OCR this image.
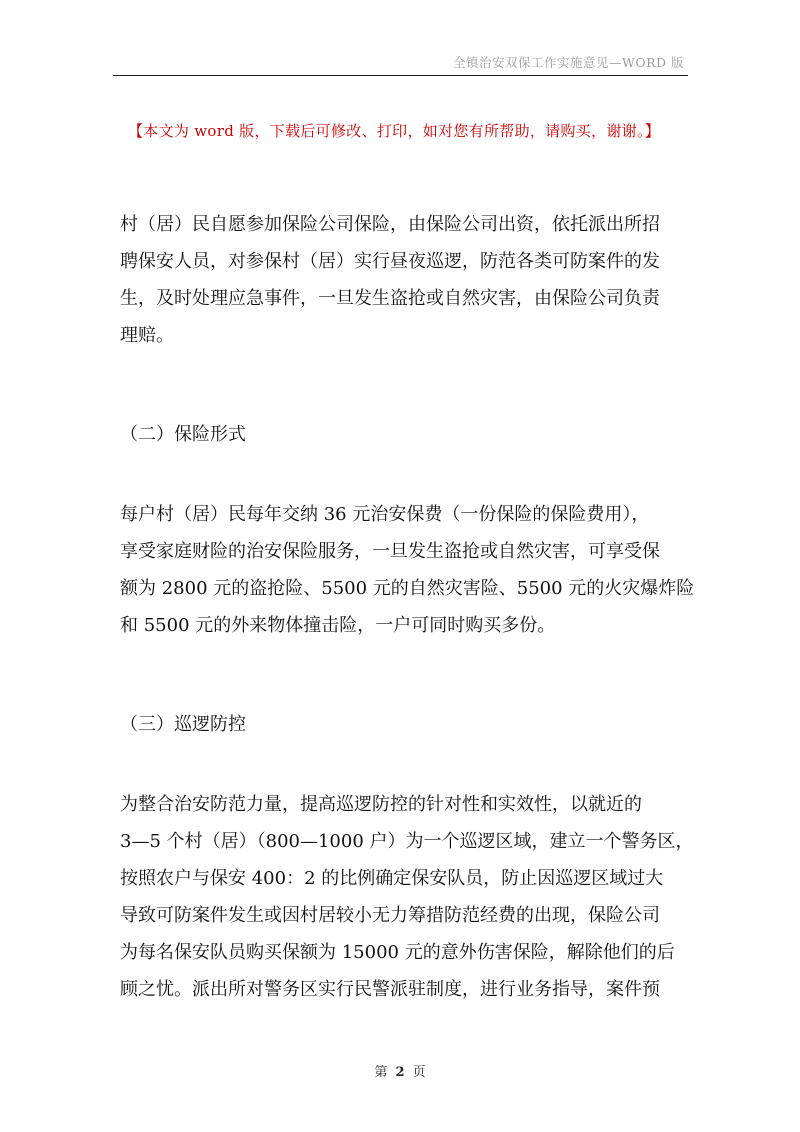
全镇治安双保工作实施意见—WORD 版
【本文为 word 版，下载后可修改、打印，如对您有所帮助，请购买，谢谢。】

村（居）民自愿参加保险公司保险，由保险公司出资，依托派出所招
聘保安人员，对参保村（居）实行昼夜巡逻，防范各类可防案件的发
生，及时处理应急事件，一旦发生盗抢或自然灾害，由保险公司负责
理赔。

（二）保险形式

每户村（居）民每年交纳 36 元治安保费（一份保险的保险费用），
享受家庭财险的治安保险服务，一旦发生盗抢或自然灾害，可享受保
额为 2800 元的盗抢险、5500 元的自然灾害险、5500 元的火灾爆炸险
和 5500 元的外来物体撞击险，一户可同时购买多份。

（三）巡逻防控

为整合治安防范力量，提高巡逻防控的针对性和实效性，以就近的
3—5 个村（居）（800—1000 户）为一个巡逻区域，建立一个警务区，
按照农户与保安 400：2 的比例确定保安队员，防止因巡逻区域过大
导致可防案件发生或因村居较小无力筹措防范经费的出现，保险公司
为每名保安队员购买保额为 15000 元的意外伤害保险，解除他们的后
顾之忧。派出所对警务区实行民警派驻制度，进行业务指导，案件预

第 2 页
